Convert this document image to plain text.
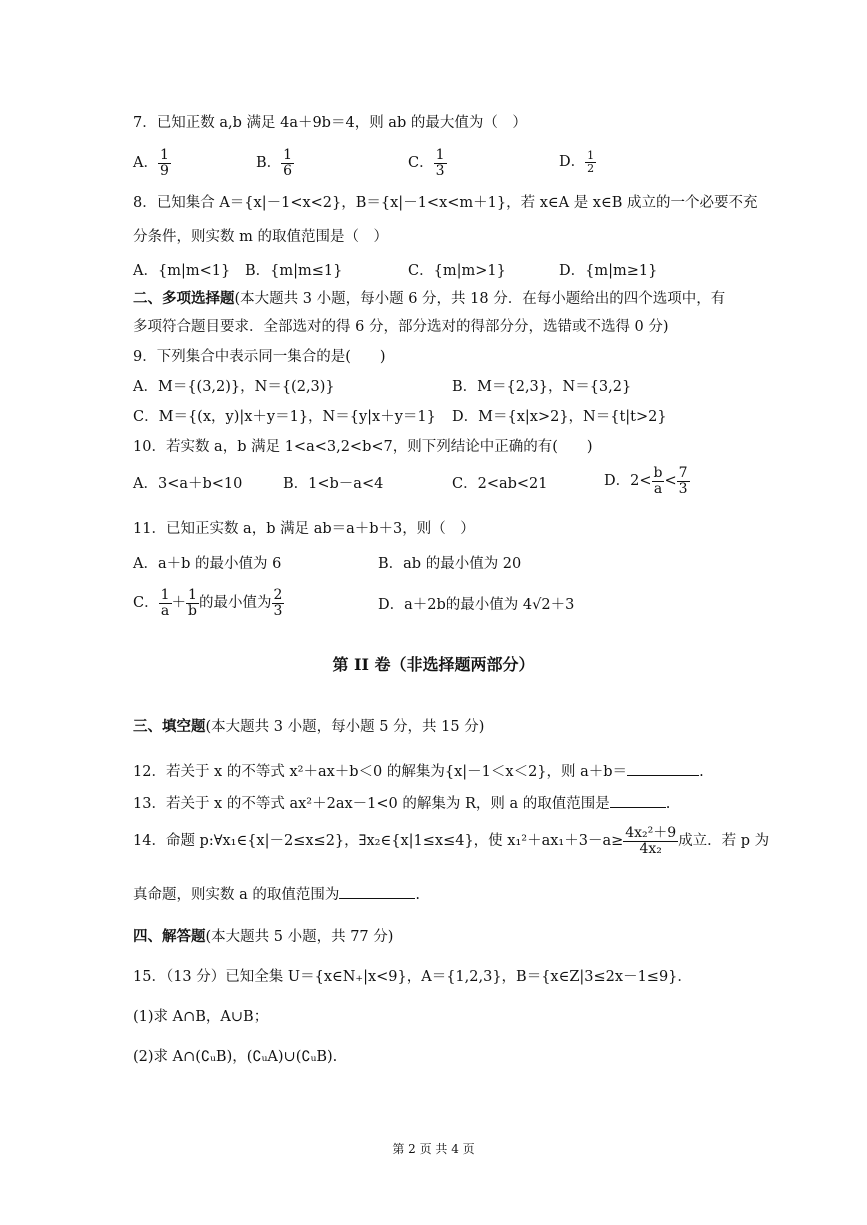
7．已知正数 a,b 满足 4a＋9b＝4，则 ab 的最大值为（　）
A． $\frac{1}{9}$	B． $\frac{1}{6}$	C． $\frac{1}{3}$	D． $\frac{1}{2}$
8．已知集合 A＝{x|－1<x<2}，B＝{x|－1<x<m＋1}，若 x∈A 是 x∈B 成立的一个必要不充
分条件，则实数 m 的取值范围是（　）
A．{m|m<1} B．{m|m≤1}	C．{m|m>1}	D．{m|m≥1}
二、多项选择题(本大题共 3 小题，每小题 6 分，共 18 分．在每小题给出的四个选项中，有
多项符合题目要求．全部选对的得 6 分，部分选对的得部分分，选错或不选得 0 分)
9．下列集合中表示同一集合的是(　　)
A．M＝{(3,2)}，N＝{(2,3)}	B．M＝{2,3}，N＝{3,2}
C．M＝{(x，y)|x＋y＝1}，N＝{y|x＋y＝1} D．M＝{x|x>2}，N＝{t|t>2}
10．若实数 a，b 满足 1<a<3,2<b<7，则下列结论中正确的有(　　)
A．3<a＋b<10	B．1<b－a<4	C．2<ab<21	D．$2< \frac{b}{a} < \frac{7}{3}$
11．已知正实数 a，b 满足 ab＝a＋b＋3，则（　）
A．a＋b 的最小值为 6	B．ab 的最小值为 20
C． $\frac{1}{a} + \frac{1}{b}$ 的最小值为 $\frac{2}{3}$	D．a＋2b的最小值为 4√2＋3
第 II 卷（非选择题两部分）
三、填空题(本大题共 3 小题，每小题 5 分，共 15 分)
12．若关于 x 的不等式 x²＋ax＋b＜0 的解集为{x|－1＜x＜2}，则 a＋b＝	.
13．若关于 x 的不等式 ax²＋2ax－1<0 的解集为 R，则 a 的取值范围是	.
14．命题 p:∀x₁∈{x|－2≤x≤2}，∃x₂∈{x|1≤x≤4}，使 $x_1^2+ax_1+3-a\ge \frac{\text{4x₂²＋9}}{\text{4x₂}}$ 成立．若 p 为
真命题，则实数 a 的取值范围为	.
四、解答题(本大题共 5 小题，共 77 分)
15．（13 分）已知全集 U＝{x∈N₊|x<9}，A＝{1,2,3}，B＝{x∈Z|3≤2x－1≤9}．
(1)求 A∩B，A∪B；
(2)求 A∩(∁ᵤB)，(∁ᵤA)∪(∁ᵤB).
第 2 页 共 4 页
